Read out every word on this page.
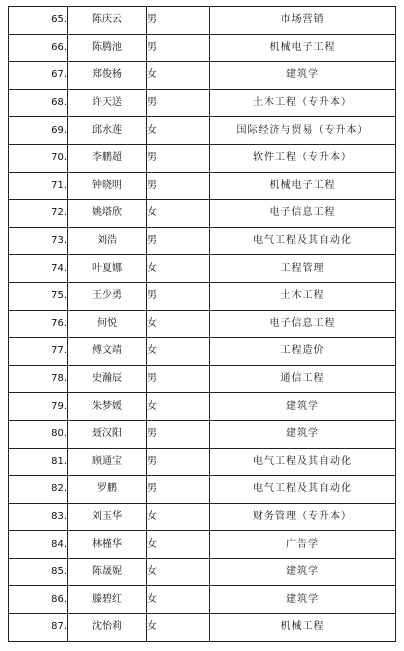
65.	陈庆云	男	市场营销
66.	陈腾池	男	机械电子工程
67.	郑俊杨	女	建筑学
68.	许天送	男	土木工程（专升本）
69.	邱水莲	女	国际经济与贸易（专升本）
70.	李鹏超	男	软件工程（专升本）
71.	钟晓明	男	机械电子工程
72.	姚塔欣	女	电子信息工程
73.	刘浩	男	电气工程及其自动化
74.	叶夏娜	女	工程管理
75.	王少勇	男	土木工程
76.	何悦	女	电子信息工程
77.	傅文靖	女	工程造价
78.	史瀚辰	男	通信工程
79.	朱梦媛	女	建筑学
80.	聂汉阳	男	建筑学
81.	顾通宝	男	电气工程及其自动化
82.	罗鹏	男	电气工程及其自动化
83.	刘玉华	女	财务管理（专升本）
84.	林槿华	女	广告学
85.	陈晟妮	女	建筑学
86.	滕碧红	女	建筑学
87.	沈怡莉	女	机械工程
